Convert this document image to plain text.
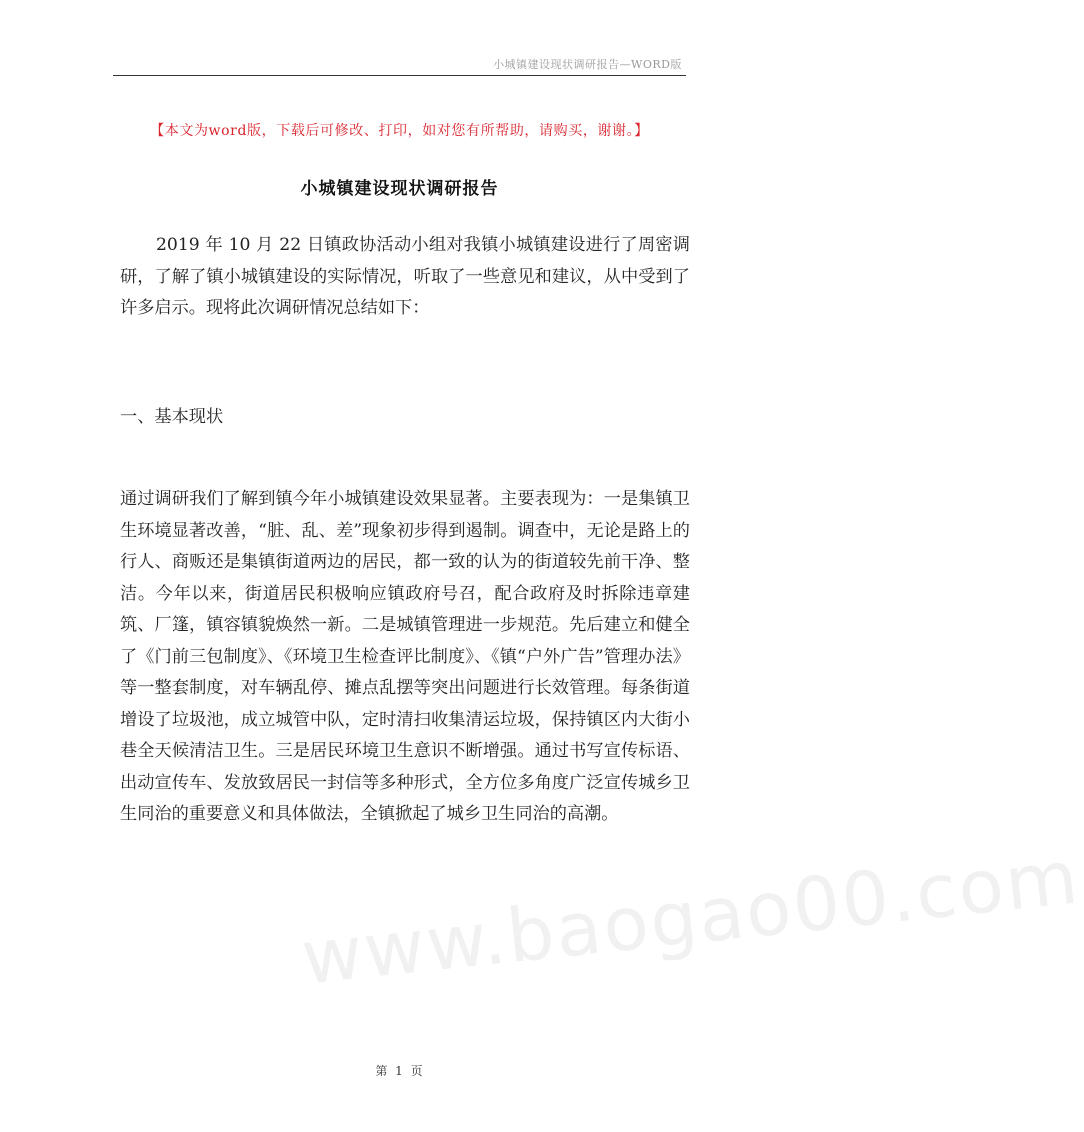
小城镇建设现状调研报告—WORD版
【本文为word版，下载后可修改、打印，如对您有所帮助，请购买，谢谢。】
小城镇建设现状调研报告
2019 年 10 月 22 日镇政协活动小组对我镇小城镇建设进行了周密调研，了解了镇小城镇建设的实际情况，听取了一些意见和建议，从中受到了许多启示。现将此次调研情况总结如下：
一、基本现状
通过调研我们了解到镇今年小城镇建设效果显著。主要表现为：一是集镇卫生环境显著改善，“脏、乱、差”现象初步得到遏制。调查中，无论是路上的行人、商贩还是集镇街道两边的居民，都一致的认为的街道较先前干净、整洁。今年以来，街道居民积极响应镇政府号召，配合政府及时拆除违章建筑、厂篷，镇容镇貌焕然一新。二是城镇管理进一步规范。先后建立和健全了《门前三包制度》、《环境卫生检查评比制度》、《镇“户外广告”管理办法》等一整套制度，对车辆乱停、摊点乱摆等突出问题进行长效管理。每条街道增设了垃圾池，成立城管中队，定时清扫收集清运垃圾，保持镇区内大街小巷全天候清洁卫生。三是居民环境卫生意识不断增强。通过书写宣传标语、出动宣传车、发放致居民一封信等多种形式，全方位多角度广泛宣传城乡卫生同治的重要意义和具体做法，全镇掀起了城乡卫生同治的高潮。
www.baogao00.com
第 1 页
